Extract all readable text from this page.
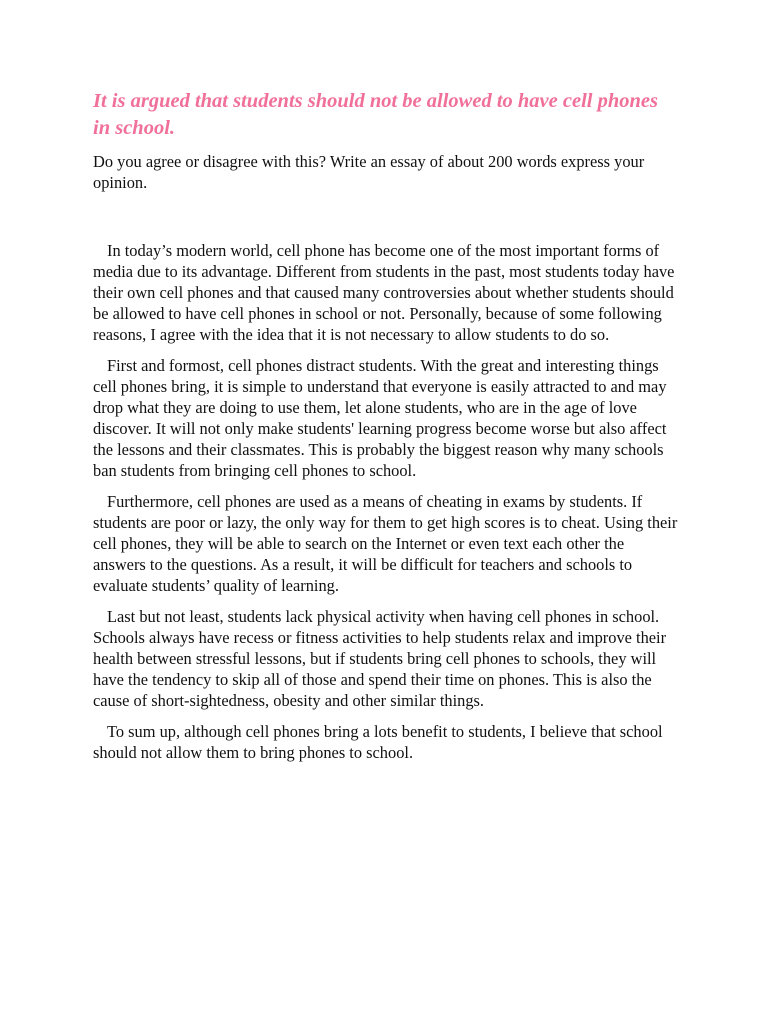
It is argued that students should not be allowed to have cell phones in school.

Do you agree or disagree with this? Write an essay of about 200 words express your opinion.

In today’s modern world, cell phone has become one of the most important forms of media due to its advantage. Different from students in the past, most students today have their own cell phones and that caused many controversies about whether students should be allowed to have cell phones in school or not. Personally, because of some following reasons, I agree with the idea that it is not necessary to allow students to do so.

First and formost, cell phones distract students. With the great and interesting things cell phones bring, it is simple to understand that everyone is easily attracted to and may drop what they are doing to use them, let alone students, who are in the age of love discover. It will not only make students' learning progress become worse but also affect the lessons and their classmates. This is probably the biggest reason why many schools ban students from bringing cell phones to school.

Furthermore, cell phones are used as a means of cheating in exams by students. If students are poor or lazy, the only way for them to get high scores is to cheat. Using their cell phones, they will be able to search on the Internet or even text each other the answers to the questions. As a result, it will be difficult for teachers and schools to evaluate students’ quality of learning.

Last but not least, students lack physical activity when having cell phones in school. Schools always have recess or fitness activities to help students relax and improve their health between stressful lessons, but if students bring cell phones to schools, they will have the tendency to skip all of those and spend their time on phones. This is also the cause of short-sightedness, obesity and other similar things.

To sum up, although cell phones bring a lots benefit to students, I believe that school should not allow them to bring phones to school.
